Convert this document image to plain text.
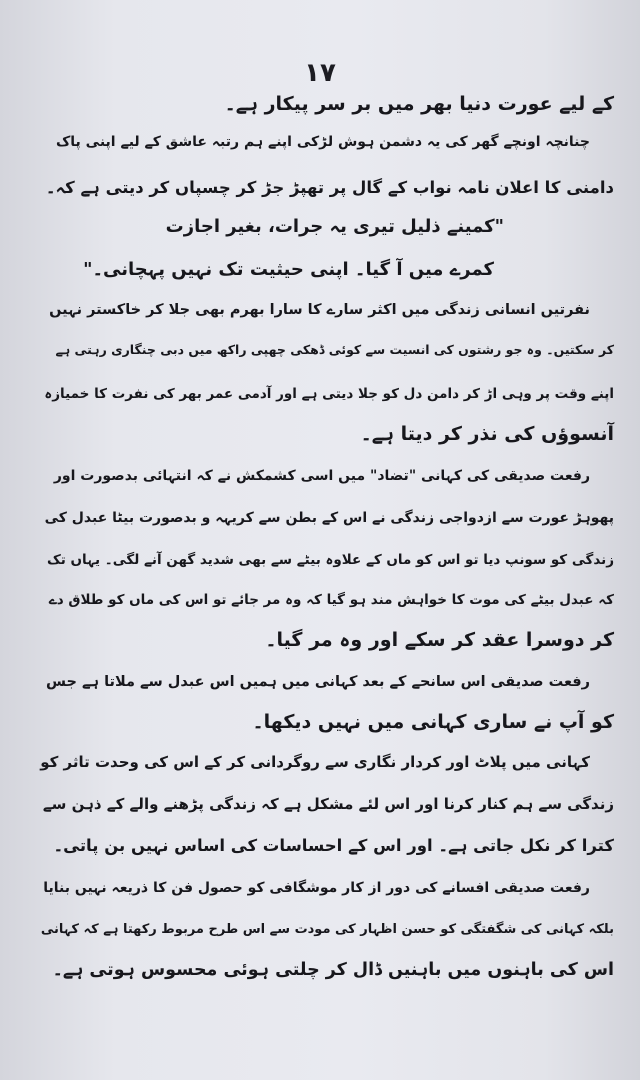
۱۷
کے لیے عورت دنیا بھر میں بر سر پیکار ہے۔
چنانچہ اونچے گھر کی یہ دشمن ہوش لڑکی اپنے ہم رتبہ عاشق کے لیے اپنی پاک
دامنی کا اعلان نامہ نواب کے گال پر تھپڑ جڑ کر چسپاں کر دیتی ہے کہ۔
"کمینے ذلیل تیری یہ جرات، بغیر اجازت
کمرے میں آ گیا۔ اپنی حیثیت تک نہیں پہچانی۔"
نفرتیں انسانی زندگی میں اکثر سارے کا سارا بھرم بھی جلا کر خاکستر نہیں
کر سکتیں۔ وہ جو رشتوں کی انسیت سے کوئی ڈھکی چھپی راکھ میں دبی چنگاری رہتی ہے
اپنے وقت پر وہی اڑ کر دامن دل کو جلا دیتی ہے اور آدمی عمر بھر کی نفرت کا خمیازہ
آنسوؤں کی نذر کر دیتا ہے۔
رفعت صدیقی کی کہانی "تضاد" میں اسی کشمکش نے کہ انتہائی بدصورت اور
پھوہڑ عورت سے ازدواجی زندگی نے اس کے بطن سے کریہہ و بدصورت بیٹا عبدل کی
زندگی کو سونپ دیا تو اس کو ماں کے علاوہ بیٹے سے بھی شدید گھن آنے لگی۔ یہاں تک
کہ عبدل بیٹے کی موت کا خواہش مند ہو گیا کہ وہ مر جائے تو اس کی ماں کو طلاق دے
کر دوسرا عقد کر سکے اور وہ مر گیا۔
رفعت صدیقی اس سانحے کے بعد کہانی میں ہمیں اس عبدل سے ملاتا ہے جس
کو آپ نے ساری کہانی میں نہیں دیکھا۔
کہانی میں پلاٹ اور کردار نگاری سے روگردانی کر کے اس کی وحدت تاثر کو
زندگی سے ہم کنار کرنا اور اس لئے مشکل ہے کہ زندگی پڑھنے والے کے ذہن سے
کترا کر نکل جاتی ہے۔ اور اس کے احساسات کی اساس نہیں بن پاتی۔
رفعت صدیقی افسانے کی دور از کار موشگافی کو حصول فن کا ذریعہ نہیں بنایا
بلکہ کہانی کی شگفتگی کو حسن اظہار کی مودت سے اس طرح مربوط رکھتا ہے کہ کہانی
اس کی باہنوں میں باہنیں ڈال کر چلتی ہوئی محسوس ہوتی ہے۔
